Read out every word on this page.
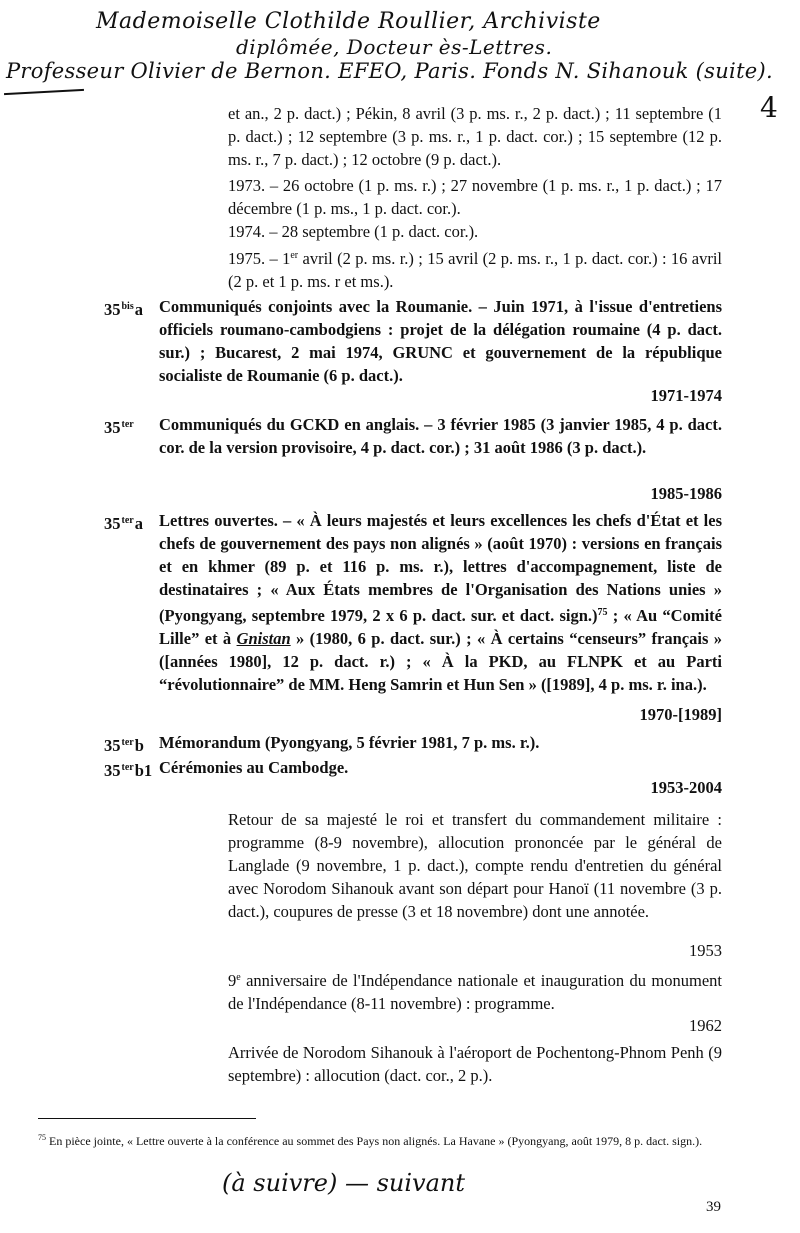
Mademoiselle Clothilde Roullier, Archiviste
diplômée, Docteur ès-Lettres.
Professeur Olivier de Bernon. EFEO, Paris. Fonds N. Sihanouk (suite).
4
et an., 2 p. dact.) ; Pékin, 8 avril (3 p. ms. r., 2 p. dact.) ; 11 septembre (1 p. dact.) ; 12 septembre (3 p. ms. r., 1 p. dact. cor.) ; 15 septembre (12 p. ms. r., 7 p. dact.) ; 12 octobre (9 p. dact.).
1973. – 26 octobre (1 p. ms. r.) ; 27 novembre (1 p. ms. r., 1 p. dact.) ; 17 décembre (1 p. ms., 1 p. dact. cor.).
1974. – 28 septembre (1 p. dact. cor.).
1975. – 1er avril (2 p. ms. r.) ; 15 avril (2 p. ms. r., 1 p. dact. cor.) : 16 avril (2 p. et 1 p. ms. r et ms.).
$35^{bis}a$ Communiqués conjoints avec la Roumanie. – Juin 1971, à l'issue d'entretiens officiels roumano-cambodgiens : projet de la délégation roumaine (4 p. dact. sur.) ; Bucarest, 2 mai 1974, GRUNC et gouvernement de la république socialiste de Roumanie (6 p. dact.).
1971-1974
$35^{ter}$ Communiqués du GCKD en anglais. – 3 février 1985 (3 janvier 1985, 4 p. dact. cor. de la version provisoire, 4 p. dact. cor.) ; 31 août 1986 (3 p. dact.).
1985-1986
$35^{ter}a$ Lettres ouvertes. – « À leurs majestés et leurs excellences les chefs d'État et les chefs de gouvernement des pays non alignés » (août 1970) : versions en français et en khmer (89 p. et 116 p. ms. r.), lettres d'accompagnement, liste de destinataires ; « Aux États membres de l'Organisation des Nations unies » (Pyongyang, septembre 1979, 2 x 6 p. dact. sur. et dact. sign.)$^{75}$ ; « Au “Comité Lille” et à Gnistan » (1980, 6 p. dact. sur.) ; « À certains “censeurs” français » ([années 1980], 12 p. dact. r.) ; « À la PKD, au FLNPK et au Parti “révolutionnaire” de MM. Heng Samrin et Hun Sen » ([1989], 4 p. ms. r. ina.).
1970-[1989]
$35^{ter}b$ Mémorandum (Pyongyang, 5 février 1981, 7 p. ms. r.).
$35^{ter}b1$ Cérémonies au Cambodge.
1953-2004
Retour de sa majesté le roi et transfert du commandement militaire : programme (8-9 novembre), allocution prononcée par le général de Langlade (9 novembre, 1 p. dact.), compte rendu d'entretien du général avec Norodom Sihanouk avant son départ pour Hanoï (11 novembre (3 p. dact.), coupures de presse (3 et 18 novembre) dont une annotée.
1953
9e anniversaire de l'Indépendance nationale et inauguration du monument de l'Indépendance (8-11 novembre) : programme.
1962
Arrivée de Norodom Sihanouk à l'aéroport de Pochentong-Phnom Penh (9 septembre) : allocution (dact. cor., 2 p.).
$^{75}$ En pièce jointe, « Lettre ouverte à la conférence au sommet des Pays non alignés. La Havane » (Pyongyang, août 1979, 8 p. dact. sign.).
(à suivre) — suivant
39
